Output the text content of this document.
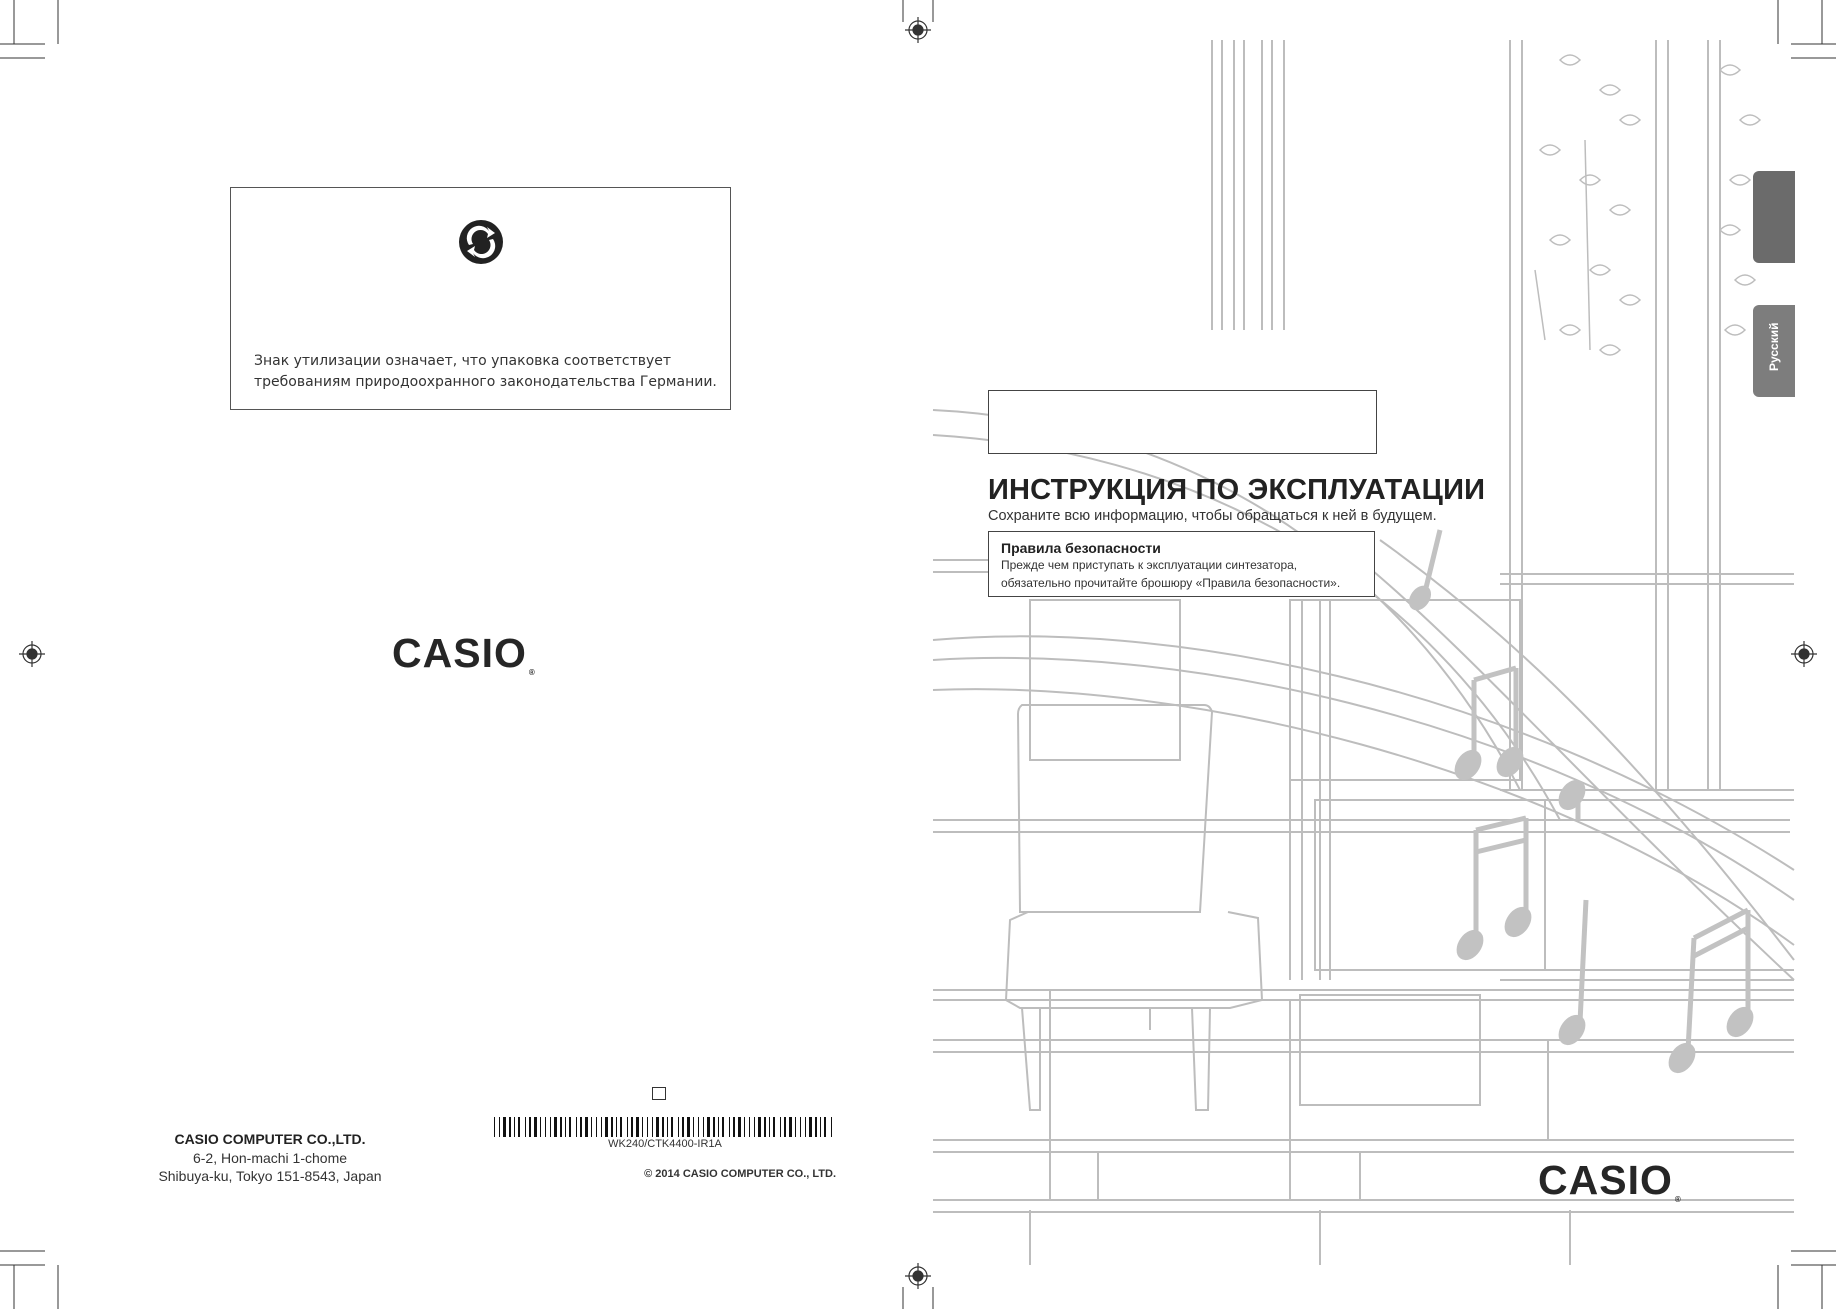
Знак утилизации означает, что упаковка соответствует
требованиям природоохранного законодательства Германии.
CASIO ®
WK240/CTK4400-IR1A
CASIO COMPUTER CO.,LTD.
6-2, Hon-machi 1-chome
Shibuya-ku, Tokyo 151-8543, Japan	© 2014 CASIO COMPUTER CO., LTD.
ИНСТРУКЦИЯ ПО ЭКСПЛУАТАЦИИ
Сохраните всю информацию, чтобы обращаться к ней в будущем.
Правила безопасности
Прежде чем приступать к эксплуатации синтезатора,
обязательно прочитайте брошюру «Правила безопасности».
Русский
CASIO ®
